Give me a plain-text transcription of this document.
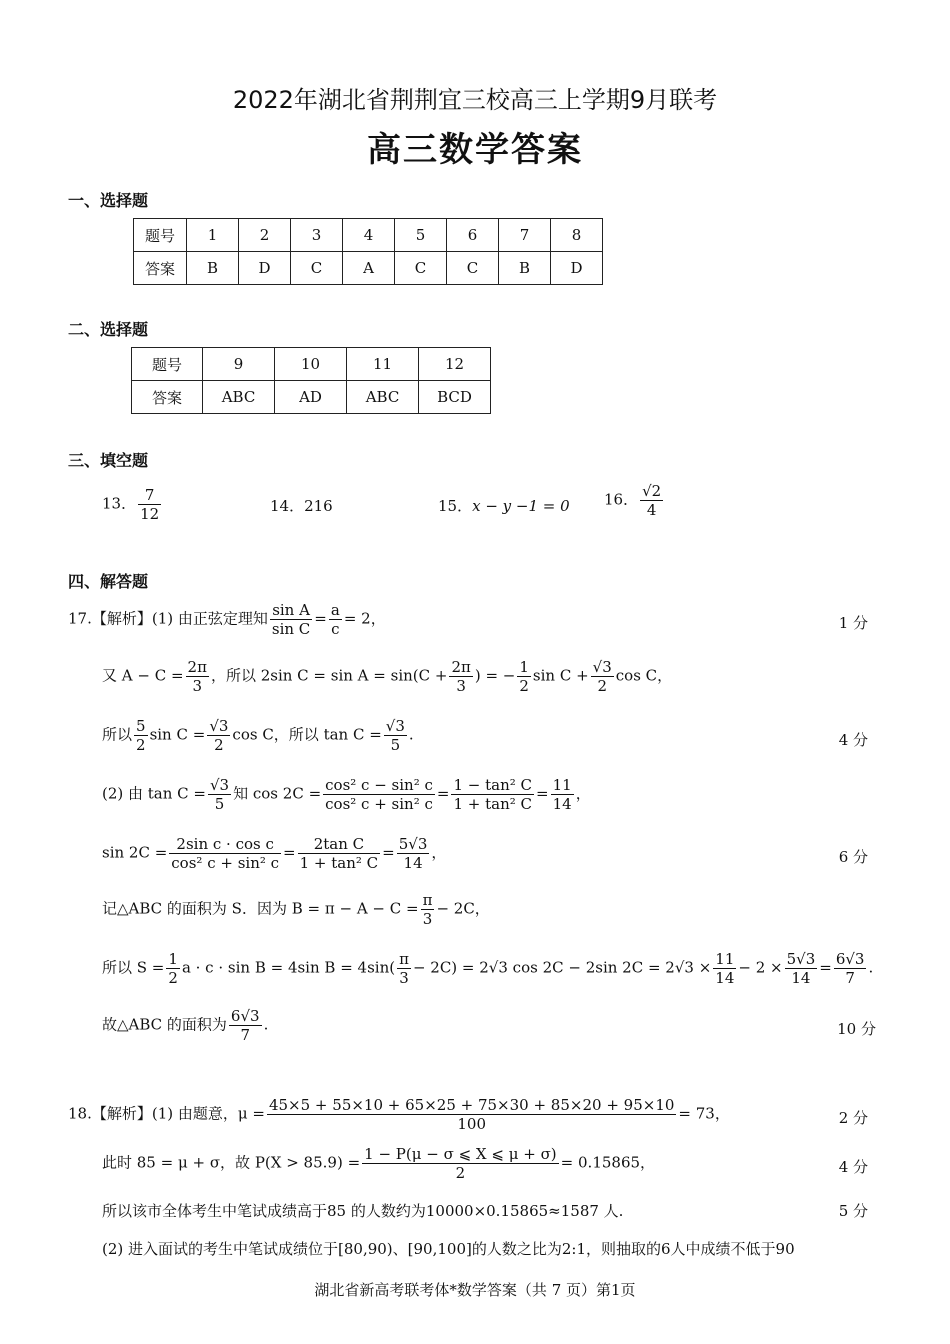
2022年湖北省荆荆宜三校高三上学期9月联考
高三数学答案
一、选择题
题号	1	2	3	4	5	6	7	8
答案	B	D	C	A	C	C	B	D
二、选择题
题号	9	10	11	12
答案	ABC	AD	ABC	BCD
三、填空题
13． $\frac{7}{12}$	14．216	15．x − y −1 = 0 16． $\frac{√2}{4}$
四、解答题
17.【解析】(1) 由正弦定理知 $\frac{\text{sin A}}{\text{sin C}} = \frac{a}{c} = 2$，	1 分
又 $A - C = \frac{2\pi}{3}$ ，所以 2sin $C = \sin A = \sin(C + \frac{2\pi}{3}$ ) = − $\frac{1}{2}$ $\sin C + \frac{√3}{2}$ cos C，
所以 $\frac{5}{2}$ $\sin C = \frac{√3}{2}$ cos C，所以 $\tan C = \frac{√3}{5}$ .	4 分
(2) 由 $\tan C = \frac{√3}{5}$ 知 $\cos 2C = \frac{\text{cos² c − sin² c}}{\text{cos² c + sin² c}} = \frac{\text{1 − tan² C}}{\text{1 + tan² C}} = \frac{11}{14}$ ，
$\sin 2C = \frac{\text{2sin c · cos c}}{\text{cos² c + sin² c}} = \frac{\text{2tan C}}{\text{1 + tan² C}} = \frac{5√3}{14}$ ，	6 分
记△ABC 的面积为 S．因为 $B = \pi - A - C = \frac{\pi}{3} - 2C$，
所以 $S = \frac{1}{2}$ a · c · sin B = 4sin $B = 4\sin( \frac{\pi}{3} - 2C) = 2√3$ cos 2C − 2sin $2C = 2√3 \times \frac{11}{14} - 2 \times \frac{5√3}{14} = \frac{6√3}{7}$ .
故△ABC 的面积为 $\frac{6√3}{7}$ .	10 分
18.【解析】(1) 由题意，$\mu = \frac{45\times 5 + 55\times 10 + 65\times 25 + 75\times 30 + 85\times 20 + 95\times 10}{100} = 73$，	2 分
此时 85 = μ + σ，故 $P(X > 85.9) = \frac{1 - P(\mu - \sigma ⩽ X ⩽ \mu + \sigma)}{2} = 0.15865$，	4 分
所以该市全体考生中笔试成绩高于85 的人数约为10000×0.15865≈1587 人.	5 分
(2) 进入面试的考生中笔试成绩位于[80,90)、[90,100]的人数之比为2:1，则抽取的6人中成绩不低于90
湖北省新高考联考体*数学答案（共 7 页）第1页
